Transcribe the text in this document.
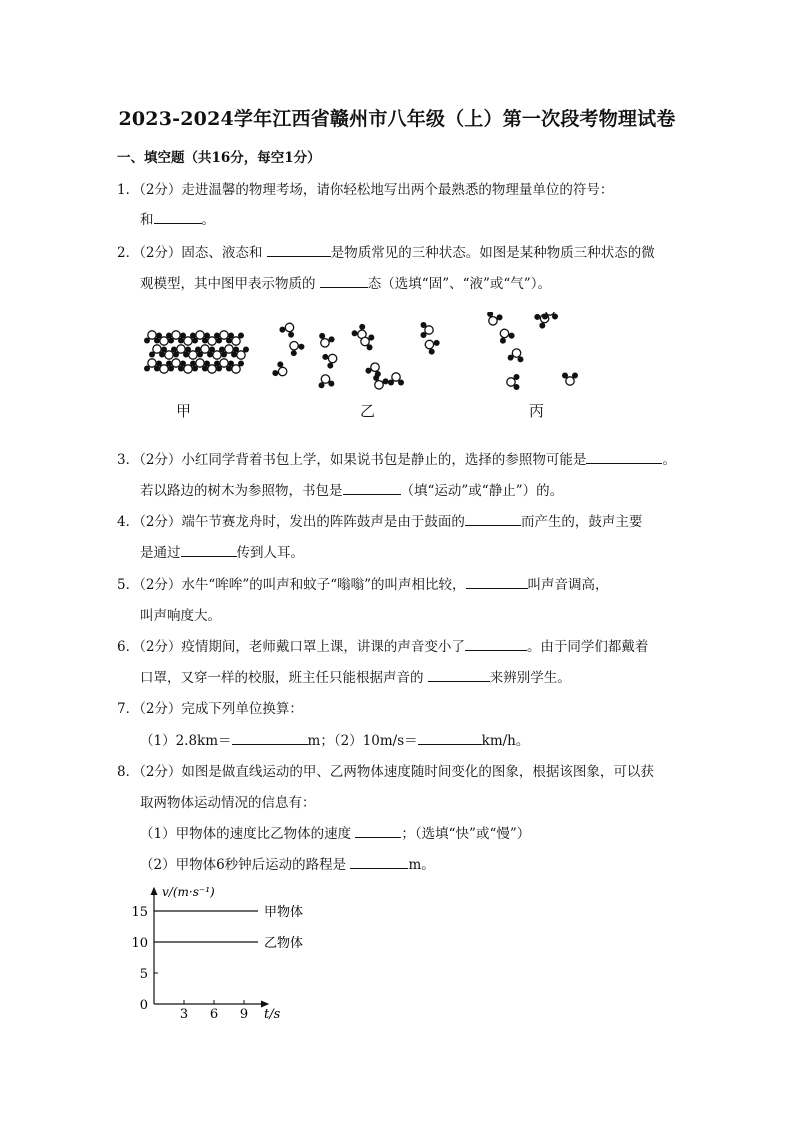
2023-2024学年江西省赣州市八年级（上）第一次段考物理试卷
一、填空题（共16分，每空1分）
1．（2分）走进温馨的物理考场，请你轻松地写出两个最熟悉的物理量单位的符号：
和	。
2．（2分）固态、液态和	是物质常见的三种状态。如图是某种物质三种状态的微
观模型，其中图甲表示物质的	态（选填“固”、“液”或“气”）。
甲	乙	丙
3．（2分）小红同学背着书包上学，如果说书包是静止的，选择的参照物可能是	。
若以路边的树木为参照物，书包是	（填“运动”或“静止”）的。
4．（2分）端午节赛龙舟时，发出的阵阵鼓声是由于鼓面的	而产生的，鼓声主要
是通过	传到人耳。
5．（2分）水牛“哞哞”的叫声和蚊子“嗡嗡”的叫声相比较，	叫声音调高，
叫声响度大。
6．（2分）疫情期间，老师戴口罩上课，讲课的声音变小了	。由于同学们都戴着
口罩，又穿一样的校服，班主任只能根据声音的	来辨别学生。
7．（2分）完成下列单位换算：
（1）2.8km＝	m；（2）10m/s＝	km/h。
8．（2分）如图是做直线运动的甲、乙两物体速度随时间变化的图象，根据该图象，可以获
取两物体运动情况的信息有：
（1）甲物体的速度比乙物体的速度	；（选填“快”或“慢”）
（2）甲物体6秒钟后运动的路程是	m。
v/(m·s⁻¹)
t/s
3 6 9
0
5
10
15	甲物体
乙物体
